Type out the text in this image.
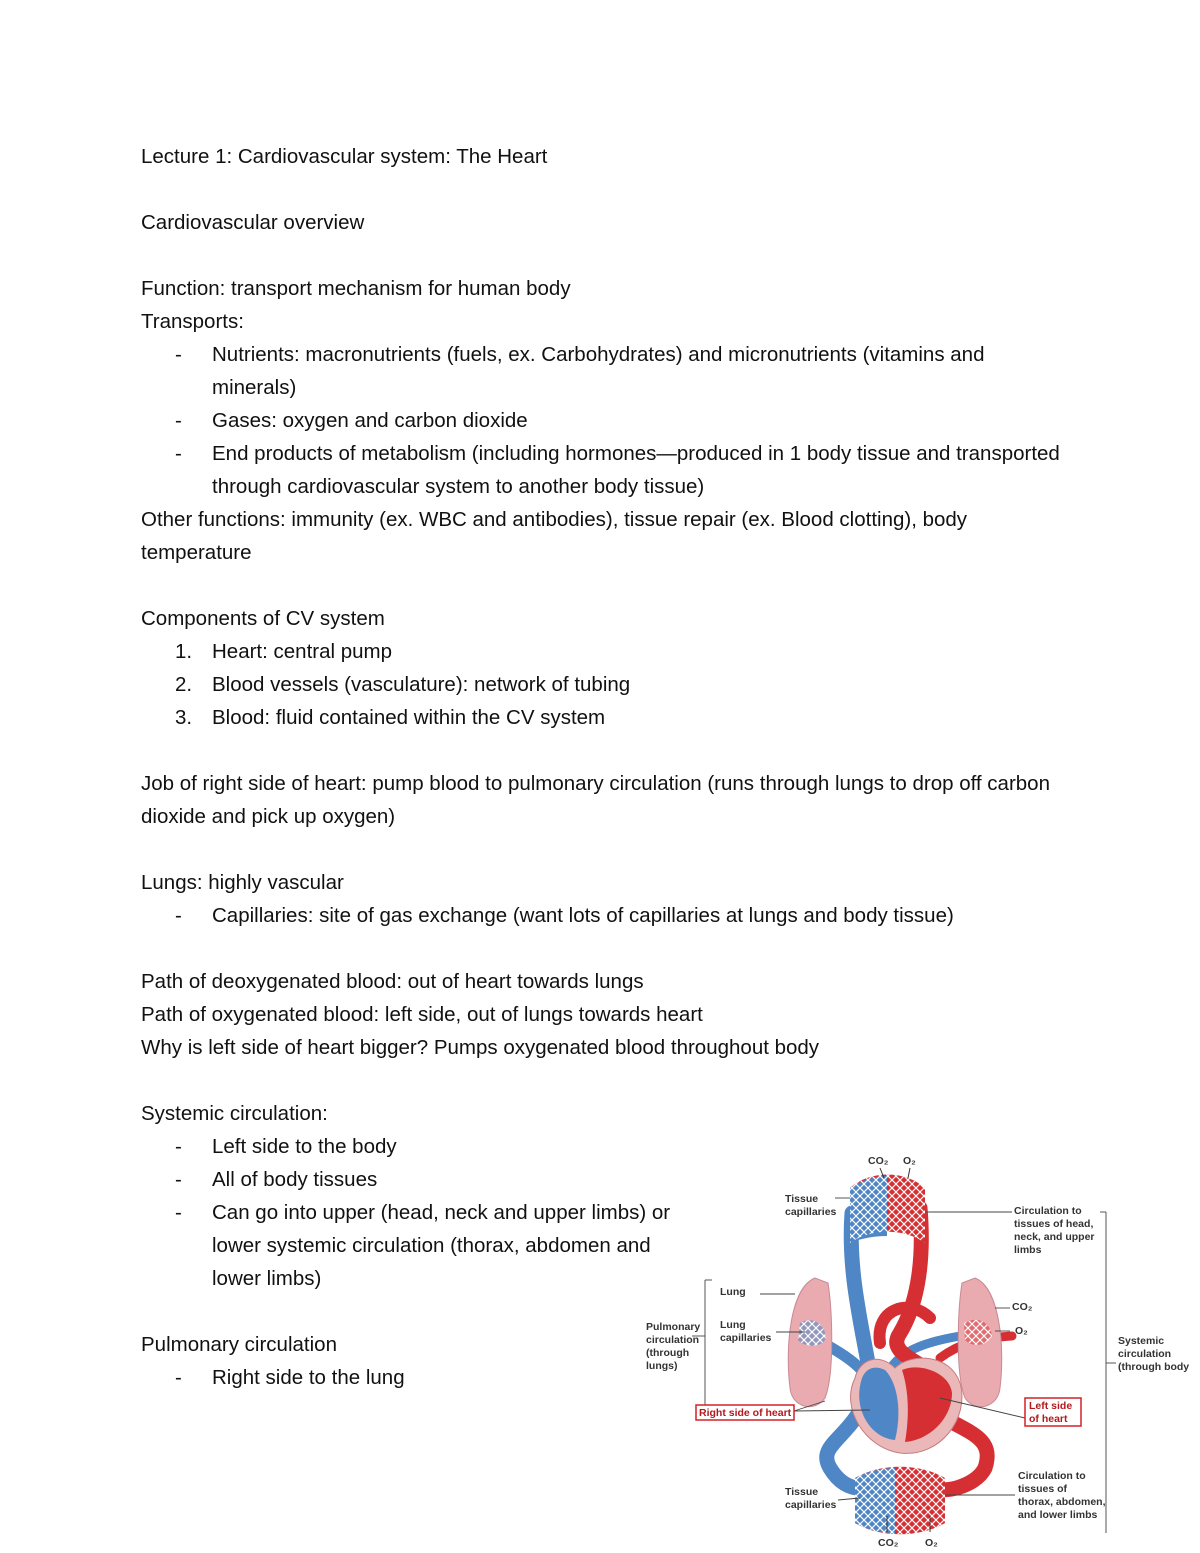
Lecture 1: Cardiovascular system: The Heart

Cardiovascular overview

Function: transport mechanism for human body

Transports:

- Nutrients: macronutrients (fuels, ex. Carbohydrates) and micronutrients (vitamins and minerals)
- Gases: oxygen and carbon dioxide
- End products of metabolism (including hormones—produced in 1 body tissue and transported through cardiovascular system to another body tissue)

Other functions: immunity (ex. WBC and antibodies), tissue repair (ex. Blood clotting), body temperature

Components of CV system

1. Heart: central pump
2. Blood vessels (vasculature): network of tubing
3. Blood: fluid contained within the CV system

Job of right side of heart: pump blood to pulmonary circulation (runs through lungs to drop off carbon dioxide and pick up oxygen)

Lungs: highly vascular

- Capillaries: site of gas exchange (want lots of capillaries at lungs and body tissue)

Path of deoxygenated blood: out of heart towards lungs

Path of oxygenated blood: left side, out of lungs towards heart

Why is left side of heart bigger? Pumps oxygenated blood throughout body

Systemic circulation:

- Left side to the body
- All of body tissues
- Can go into upper (head, neck and upper limbs) or lower systemic circulation (thorax, abdomen and lower limbs)

Pulmonary circulation

- Right side to the lung
CO₂ O₂
CO₂	O₂
Tissue capillaries	Circulation to tissues of head, neck, and upper limbs
Lung
Lung capillaries
Pulmonary circulation (through lungs)
CO₂
O₂
Systemic circulation (through body
Right side of heart
Left side of heart
Tissue capillaries
Circulation to tissues of thorax, abdomen, and lower limbs
